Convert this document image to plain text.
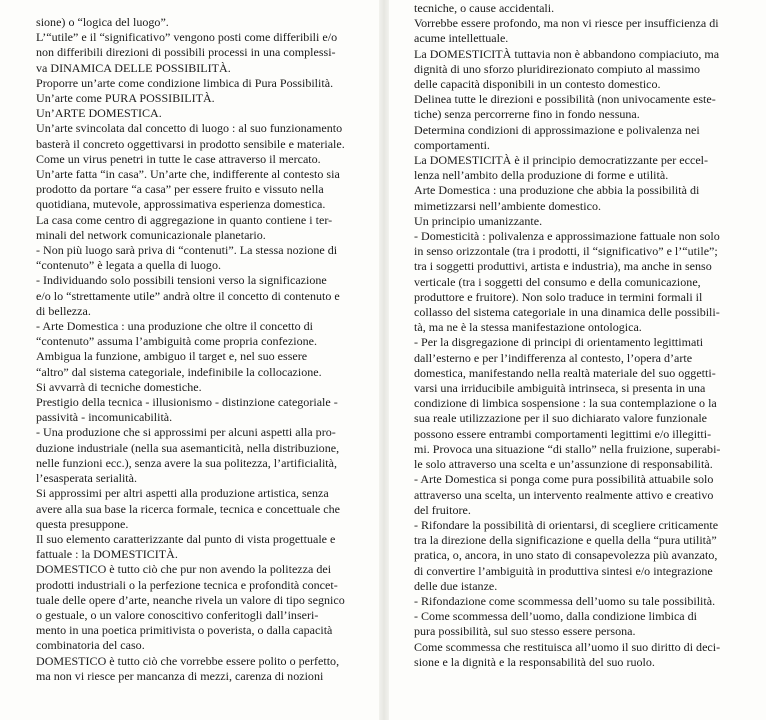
sione) o “logica del luogo”.

L’“utile” e il “significativo” vengono posti come differibili e/o

non differibili direzioni di possibili processi in una complessi-

va DINAMICA DELLE POSSIBILITÀ.

Proporre un’arte come condizione limbica di Pura Possibilità.

Un’arte come PURA POSSIBILITÀ.

Un’ARTE DOMESTICA.

Un’arte svincolata dal concetto di luogo : al suo funzionamento

basterà il concreto oggettivarsi in prodotto sensibile e materiale.

Come un virus penetri in tutte le case attraverso il mercato.

Un’arte fatta “in casa”. Un’arte che, indifferente al contesto sia

prodotto da portare “a casa” per essere fruito e vissuto nella

quotidiana, mutevole, approssimativa esperienza domestica.

La casa come centro di aggregazione in quanto contiene i ter-

minali del network comunicazionale planetario.

- Non più luogo sarà priva di “contenuti”. La stessa nozione di

“contenuto” è legata a quella di luogo.

- Individuando solo possibili tensioni verso la significazione

e/o lo “strettamente utile” andrà oltre il concetto di contenuto e

di bellezza.

- Arte Domestica : una produzione che oltre il concetto di

“contenuto” assuma l’ambiguità come propria confezione.

Ambigua la funzione, ambiguo il target e, nel suo essere

“altro” dal sistema categoriale, indefinibile la collocazione.

Si avvarrà di tecniche domestiche.

Prestigio della tecnica - illusionismo - distinzione categoriale -

passività - incomunicabilità.

- Una produzione che si approssimi per alcuni aspetti alla pro-

duzione industriale (nella sua asemanticità, nella distribuzione,

nelle funzioni ecc.), senza avere la sua politezza, l’artificialità,

l’esasperata serialità.

Si approssimi per altri aspetti alla produzione artistica, senza

avere alla sua base la ricerca formale, tecnica e concettuale che

questa presuppone.

Il suo elemento caratterizzante dal punto di vista progettuale e

fattuale : la DOMESTICITÀ.

DOMESTICO è tutto ciò che pur non avendo la politezza dei

prodotti industriali o la perfezione tecnica e profondità concet-

tuale delle opere d’arte, neanche rivela un valore di tipo segnico

o gestuale, o un valore conoscitivo conferitogli dall’inseri-

mento in una poetica primitivista o poverista, o dalla capacità

combinatoria del caso.

DOMESTICO è tutto ciò che vorrebbe essere polito o perfetto,

ma non vi riesce per mancanza di mezzi, carenza di nozioni

tecniche, o cause accidentali.

Vorrebbe essere profondo, ma non vi riesce per insufficienza di

acume intellettuale.

La DOMESTICITÀ tuttavia non è abbandono compiaciuto, ma

dignità di uno sforzo pluridirezionato compiuto al massimo

delle capacità disponibili in un contesto domestico.

Delinea tutte le direzioni e possibilità (non univocamente este-

tiche) senza percorrerne fino in fondo nessuna.

Determina condizioni di approssimazione e polivalenza nei

comportamenti.

La DOMESTICITÀ è il principio democratizzante per eccel-

lenza nell’ambito della produzione di forme e utilità.

Arte Domestica : una produzione che abbia la possibilità di

mimetizzarsi nell’ambiente domestico.

Un principio umanizzante.

- Domesticità : polivalenza e approssimazione fattuale non solo

in senso orizzontale (tra i prodotti, il “significativo” e l’“utile”;

tra i soggetti produttivi, artista e industria), ma anche in senso

verticale (tra i soggetti del consumo e della comunicazione,

produttore e fruitore). Non solo traduce in termini formali il

collasso del sistema categoriale in una dinamica delle possibili-

tà, ma ne è la stessa manifestazione ontologica.

- Per la disgregazione di principi di orientamento legittimati

dall’esterno e per l’indifferenza al contesto, l’opera d’arte

domestica, manifestando nella realtà materiale del suo oggetti-

varsi una irriducibile ambiguità intrinseca, si presenta in una

condizione di limbica sospensione : la sua contemplazione o la

sua reale utilizzazione per il suo dichiarato valore funzionale

possono essere entrambi comportamenti legittimi e/o illegitti-

mi. Provoca una situazione “di stallo” nella fruizione, superabi-

le solo attraverso una scelta e un’assunzione di responsabilità.

- Arte Domestica si ponga come pura possibilità attuabile solo

attraverso una scelta, un intervento realmente attivo e creativo

del fruitore.

- Rifondare la possibilità di orientarsi, di scegliere criticamente

tra la direzione della significazione e quella della “pura utilità”

pratica, o, ancora, in uno stato di consapevolezza più avanzato,

di convertire l’ambiguità in produttiva sintesi e/o integrazione

delle due istanze.

- Rifondazione come scommessa dell’uomo su tale possibilità.

- Come scommessa dell’uomo, dalla condizione limbica di

pura possibilità, sul suo stesso essere persona.

Come scommessa che restituisca all’uomo il suo diritto di deci-

sione e la dignità e la responsabilità del suo ruolo.
